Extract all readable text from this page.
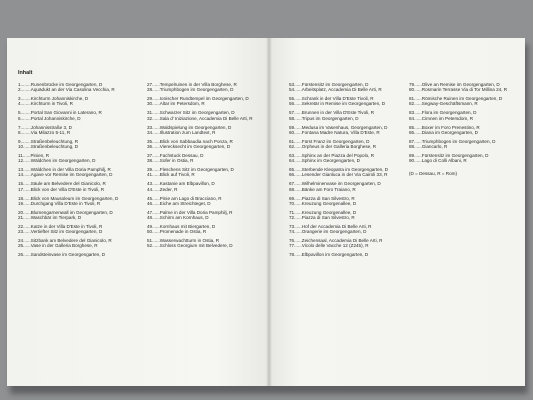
Inhalt
1........Runenbrücke im Georgengarten, D
2........Aquädukt an der Via Casolina Vecchia, R
3........Kirchturm Johanniskirche, D
4........Kirchturm in Tivoli, R
5........Portal San Giovanni in Laterano, R
6........Portal Johanniskirche, D
7........Johannisstraße 3, D
8........Via Milazzo 5-11, R
9........Straßenbeleuchtung, R
10......Straßenbeleuchtung, D
11......Pinien, R
12......Wäldchen im Georgengarten, D
13......Wäldchen in der Villa Doria Pamphilj, R
14......Agave vor Remise im Georgengarten, D
15......Säule am Belvedere del Gianicolo, R
17......Blick von der Villa D'Este in Tivoli, R
18......Blick von Mausoleum im Georgengarten, D
19......Durchgang Villa D'Este in Tivoli, R
20......Blumengarnenwall im Georgengarten, D
21......Waschbär im Tierpark, D
22......Katze in der Villa D'Este in Tivoli, R
23......Vertiefter Sitz im Georgengarten, D
24......Sitzbank am Belvedere del Gianicolo, R
25......Vase in der Galleria Borghese, R
26......Sandsteinvase im Georgengarten, D
27......Tempelruinen in der Villa Borghese, R
28......Triumphbogen im Georgengarten, D
29......Ionischer Rundtempel im Georgengarten, D
30......Altar im Petersdom, R
31......Schwarzer Sitz im Georgengarten, D
32......Sala d' Iniziazione, Accademia Di Belle Arti, R
33......Waldspielung im Georgengarten, D
34......Illustration zum Landtext, R
35......Blick von Sabbaudia nach Ponza, R
36......Vierecksecht im Georgengarten, D
37......Fachstuck Dessau, D
38......Sofer in Ostia, R
39......Fleschens Sitz im Georgengarten, D
41......Blick auf Tivoli, R
43......Kastanie am Elbpavillon, D
44......Zeder, R
45......Pinie am Lago di Bracciano, R
46......Eiche am Streichteget, D
47......Palme in der Villa Doria Pamphilj, R
48......Schirm am Kornhaus, D
49......Kornhaus mit Biergarten, D
50......Promenade in Ostia, R
51......Wasserwachtturm in Ostia, R
52......Schloss Georgium mit Belvedere, D
53......Fürstensitz im Georgengarten, D
54......Arbeitsplatz, Accademia Di Belle Arti, R
55......Schrank in der Villa D'Este Tivoli, R
56......Sekretär in Remise im Georgengarten, D
57......Brunnen in der Villa D'Este Tivoli, R
58......Tripus im Georgengarten, D
59......Medusa im Vasenhaus, Georgengarten, D
60......Fontana Madre Natura, Villa D'Este, R
61......Fürst Franz im Georgengarten, D
62......Orpheus in der Galleria Borghese, R
63......Sphinx an der Piazza del Popolo, R
64......Sphinx im Georgengarten, D
65......Sterbende Kleopatra im Georgengarten, D
66......Lesender Gianluca in der Via Cairoli 33, R
67......Wilhelminenvase im Georgengarten, D
68......Bänke am Foro Traiano, R
69......Piazza di San Silvestro, R
70......Kreuzung Georgenallee, D
71......Kreuzung Georgenallee, D
72......Piazza di San Silvestro, R
73......Hof der Accademia Di Belle Arti, R
74......Orangerie im Georgengarten, D
76......Zeichensaal, Accademia Di Belle Arti, R
77......Vicolo delle Vacche 12 (Z245), R
78......Elbpavillon im Georgengarten, D
79......Olive an Remise im Georgengarten, D
80......Rosmarin Terrasse Via di Tor Millina 24, R
81......Römische Ruinen im Georgengarten, D
82......Segway-Geschäftsmann, R
83......Flora im Georgengarten, D
84......Cimnen im Petersdom, R
85......Boxer im Foro Prenestino, R
86......Diana im Georgengarten, D
87......Triumphbogen im Georgengarten, D
88......Giancarlo, R
89......Fürstensitz im Georgengarten, D
90......Lago di Colli Albani, R
(D = Dessau, R = Rom)
